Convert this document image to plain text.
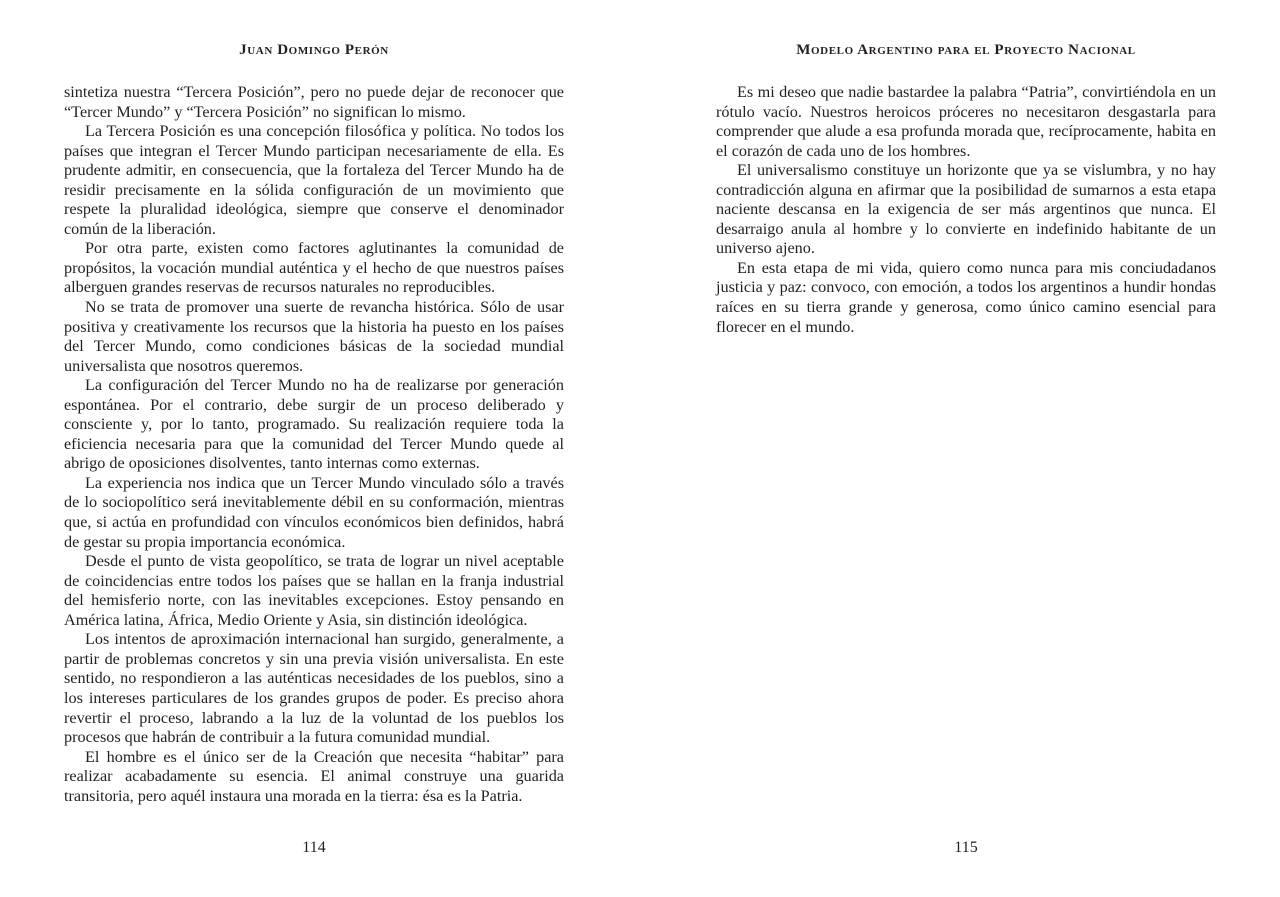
Juan Domingo Perón

sintetiza nuestra “Tercera Posición”, pero no puede dejar de reconocer que “Tercer Mundo” y “Tercera Posición” no significan lo mismo.

La Tercera Posición es una concepción filosófica y política. No todos los países que integran el Tercer Mundo participan necesariamente de ella. Es prudente admitir, en consecuencia, que la fortaleza del Tercer Mundo ha de residir precisamente en la sólida configuración de un movimiento que respete la pluralidad ideológica, siempre que conserve el denominador común de la liberación.

Por otra parte, existen como factores aglutinantes la comunidad de propósitos, la vocación mundial auténtica y el hecho de que nuestros países alberguen grandes reservas de recursos naturales no reproducibles.

No se trata de promover una suerte de revancha histórica. Sólo de usar positiva y creativamente los recursos que la historia ha puesto en los países del Tercer Mundo, como condiciones básicas de la sociedad mundial universalista que nosotros queremos.

La configuración del Tercer Mundo no ha de realizarse por generación espontánea. Por el contrario, debe surgir de un proceso deliberado y consciente y, por lo tanto, programado. Su realización requiere toda la eficiencia necesaria para que la comunidad del Tercer Mundo quede al abrigo de oposiciones disolventes, tanto internas como externas.

La experiencia nos indica que un Tercer Mundo vinculado sólo a través de lo sociopolítico será inevitablemente débil en su conformación, mientras que, si actúa en profundidad con vínculos económicos bien definidos, habrá de gestar su propia importancia económica.

Desde el punto de vista geopolítico, se trata de lograr un nivel aceptable de coincidencias entre todos los países que se hallan en la franja industrial del hemisferio norte, con las inevitables excepciones. Estoy pensando en América latina, África, Medio Oriente y Asia, sin distinción ideológica.

Los intentos de aproximación internacional han surgido, generalmente, a partir de problemas concretos y sin una previa visión universalista. En este sentido, no respondieron a las auténticas necesidades de los pueblos, sino a los intereses particulares de los grandes grupos de poder. Es preciso ahora revertir el proceso, labrando a la luz de la voluntad de los pueblos los procesos que habrán de contribuir a la futura comunidad mundial.

El hombre es el único ser de la Creación que necesita “habitar” para realizar acabadamente su esencia. El animal construye una guarida transitoria, pero aquél instaura una morada en la tierra: ésa es la Patria.

114
Modelo Argentino para el Proyecto Nacional

Es mi deseo que nadie bastardee la palabra “Patria”, convirtiéndola en un rótulo vacío. Nuestros heroicos próceres no necesitaron desgastarla para comprender que alude a esa profunda morada que, recíprocamente, habita en el corazón de cada uno de los hombres.

El universalismo constituye un horizonte que ya se vislumbra, y no hay contradicción alguna en afirmar que la posibilidad de sumarnos a esta etapa naciente descansa en la exigencia de ser más argentinos que nunca. El desarraigo anula al hombre y lo convierte en indefinido habitante de un universo ajeno.

En esta etapa de mi vida, quiero como nunca para mis conciudadanos justicia y paz: convoco, con emoción, a todos los argentinos a hundir hondas raíces en su tierra grande y generosa, como único camino esencial para florecer en el mundo.

115
